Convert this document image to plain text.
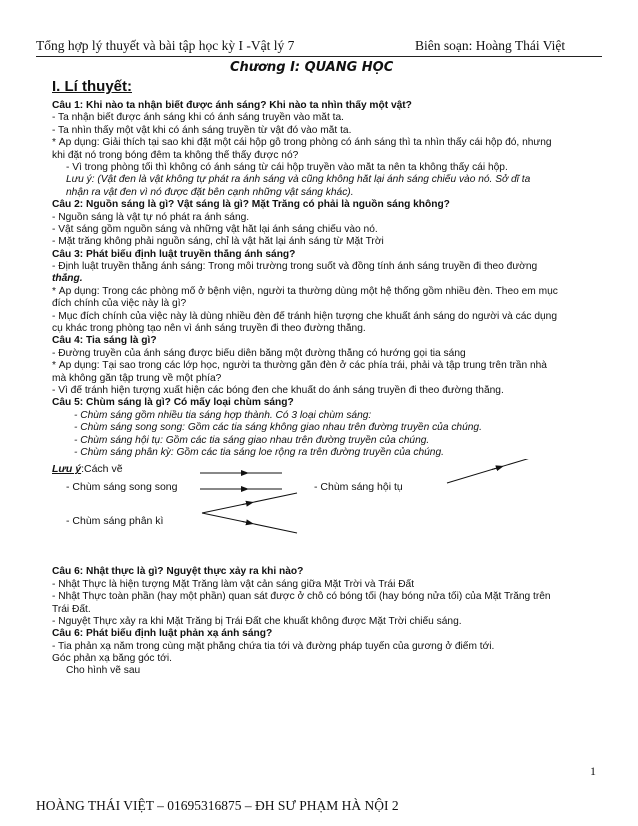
Tổng hợp lý thuyết và bài tập học kỳ I -Vật lý 7	Biên soạn: Hoàng Thái Việt
Chương I: QUANG HỌC
I. Lí thuyết:
Câu 1: Khi nào ta nhận biết được ánh sáng? Khi nào ta nhìn thấy một vật?
- Ta nhận biết được ánh sáng khi có ánh sáng truyền vào mắt ta.
- Ta nhìn thấy một vật khi có ánh sáng truyền từ vật đó vào mắt ta.
* Áp dụng: Giải thích tại sao khi đặt một cái hộp gỗ trong phòng có ánh sáng thì ta nhìn thấy cái hộp đó, nhưng
khi đặt nó trong bóng đêm ta không thể thấy được nó?
- Vì trong phòng tối thì không có ánh sáng từ cái hộp truyền vào mắt ta nên ta không thấy cái hộp.
Lưu ý: (Vật đen là vật không tự phát ra ánh sáng và cũng không hắt lại ánh sáng chiếu vào nó. Sở dĩ ta
nhận ra vật đen vì nó được đặt bên cạnh những vật sáng khác).
Câu 2: Nguồn sáng là gì? Vật sáng là gì? Mặt Trăng có phải là nguồn sáng không?
- Nguồn sáng là vật tự nó phát ra ánh sáng.
- Vật sáng gồm nguồn sáng và những vật hắt lại ánh sáng chiếu vào nó.
- Mặt trăng không phải nguồn sáng, chỉ là vật hắt lại ánh sáng từ Mặt Trời
Câu 3: Phát biểu định luật truyền thẳng ánh sáng?
- Định luật truyền thẳng ánh sáng: Trong môi trường trong suốt và đồng tính ánh sáng truyền đi theo đường
thẳng.
* Áp dụng: Trong các phòng mổ ở bệnh viện, người ta thường dùng một hệ thống gồm nhiều đèn. Theo em mục
đích chính của việc này là gì?
- Mục đích chính của việc này là dùng nhiều đèn để tránh hiện tượng che khuất ánh sáng do người và các dụng
cụ khác trong phòng tạo nên vì ánh sáng truyền đi theo đường thẳng.
Câu 4: Tia sáng là gì?
- Đường truyền của ánh sáng được biểu diễn bằng một đường thẳng có hướng gọi tia sáng
* Áp dụng: Tại sao trong các lớp học, người ta thường gắn đèn ở các phía trái, phải và tập trung trên trần nhà
mà không gắn tập trung về một phía?
- Vì để tránh hiện tượng xuất hiện các bóng đen che khuất do ánh sáng truyền đi theo đường thẳng.
Câu 5: Chùm sáng là gì? Có mấy loại chùm sáng?
- Chùm sáng gồm nhiều tia sáng hợp thành. Có 3 loại chùm sáng:
- Chùm sáng song song: Gồm các tia sáng không giao nhau trên đường truyền của chúng.
- Chùm sáng hội tụ: Gồm các tia sáng giao nhau trên đường truyền của chúng.
- Chùm sáng phân kỳ: Gồm các tia sáng loe rộng ra trên đường truyền của chúng.
Lưu ý:Cách vẽ
- Chùm sáng song song	- Chùm sáng hội tụ
- Chùm sáng phân kì
Câu 6: Nhật thực là gì? Nguyệt thực xảy ra khi nào?
- Nhật Thực là hiện tượng Mặt Trăng làm vật cản sáng giữa Mặt Trời và Trái Đất
- Nhật Thực toàn phần (hay một phần) quan sát được ở chỗ có bóng tối (hay bóng nửa tối) của Mặt Trăng trên
Trái Đất.
- Nguyệt Thực xảy ra khi Mặt Trăng bị Trái Đất che khuất không được Mặt Trời chiếu sáng.
Câu 6: Phát biểu định luật phản xạ ánh sáng?
- Tia phản xạ nằm trong cùng mặt phẳng chứa tia tới và đường pháp tuyến của gương ở điểm tới.
Góc phản xạ bằng góc tới.
Cho hình vẽ sau
1
HOÀNG THÁI VIỆT – 01695316875 – ĐH SƯ PHẠM HÀ NỘI 2
